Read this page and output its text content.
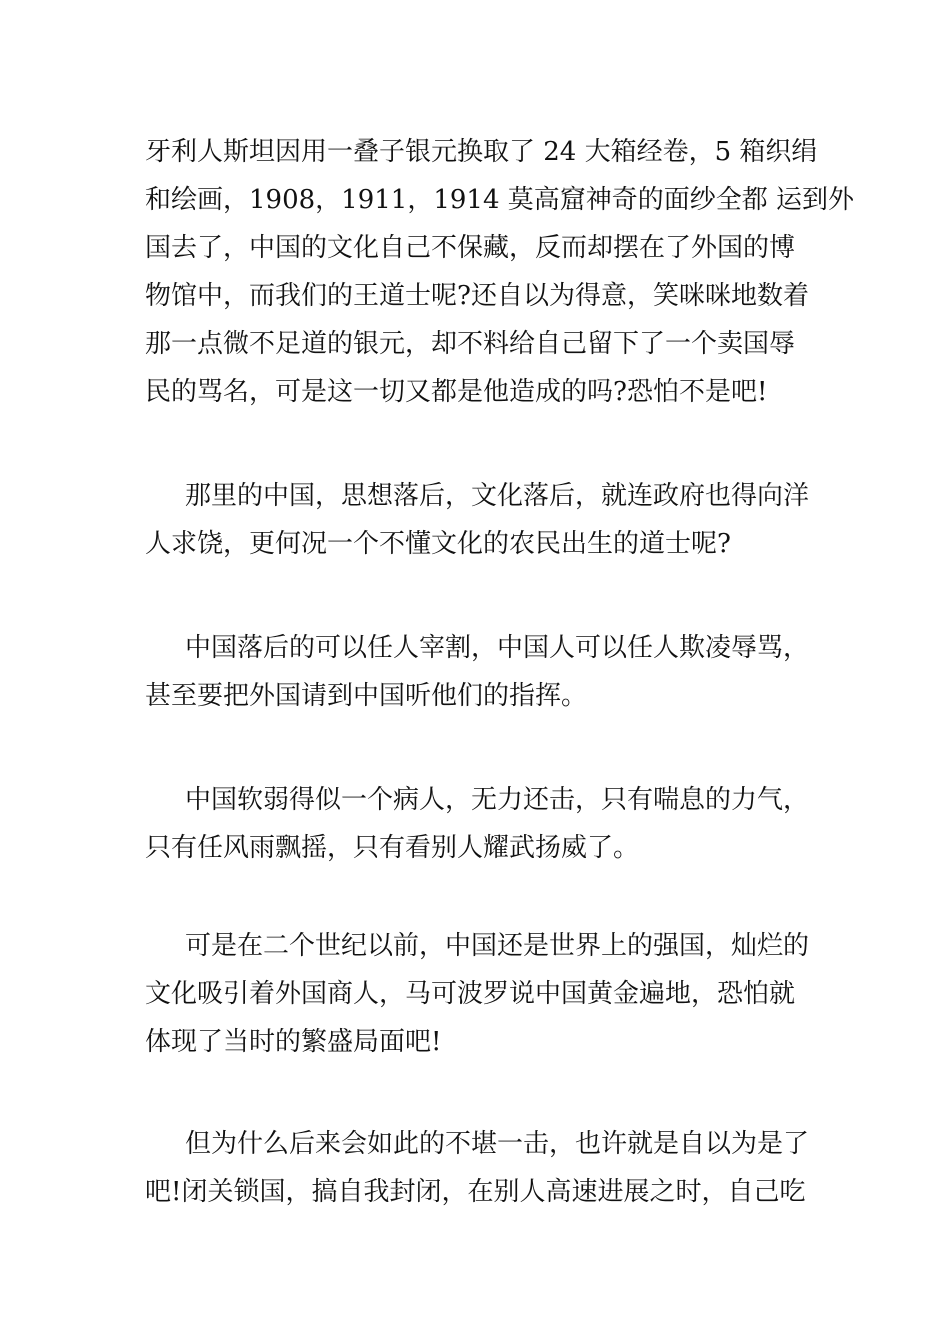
牙利人斯坦因用一叠子银元换取了 24 大箱经卷，5 箱织绢
和绘画，1908，1911，1914 莫高窟神奇的面纱全都 运到外
国去了，中国的文化自己不保藏，反而却摆在了外国的博
物馆中，而我们的王道士呢?还自以为得意，笑咪咪地数着
那一点微不足道的银元，却不料给自己留下了一个卖国辱
民的骂名，可是这一切又都是他造成的吗?恐怕不是吧!
那里的中国，思想落后，文化落后，就连政府也得向洋
人求饶，更何况一个不懂文化的农民出生的道士呢?
中国落后的可以任人宰割，中国人可以任人欺凌辱骂，
甚至要把外国请到中国听他们的指挥。
中国软弱得似一个病人，无力还击，只有喘息的力气，
只有任风雨飘摇，只有看别人耀武扬威了。
可是在二个世纪以前，中国还是世界上的强国，灿烂的
文化吸引着外国商人，马可波罗说中国黄金遍地，恐怕就
体现了当时的繁盛局面吧!
但为什么后来会如此的不堪一击，也许就是自以为是了
吧!闭关锁国，搞自我封闭，在别人高速进展之时，自己吃
